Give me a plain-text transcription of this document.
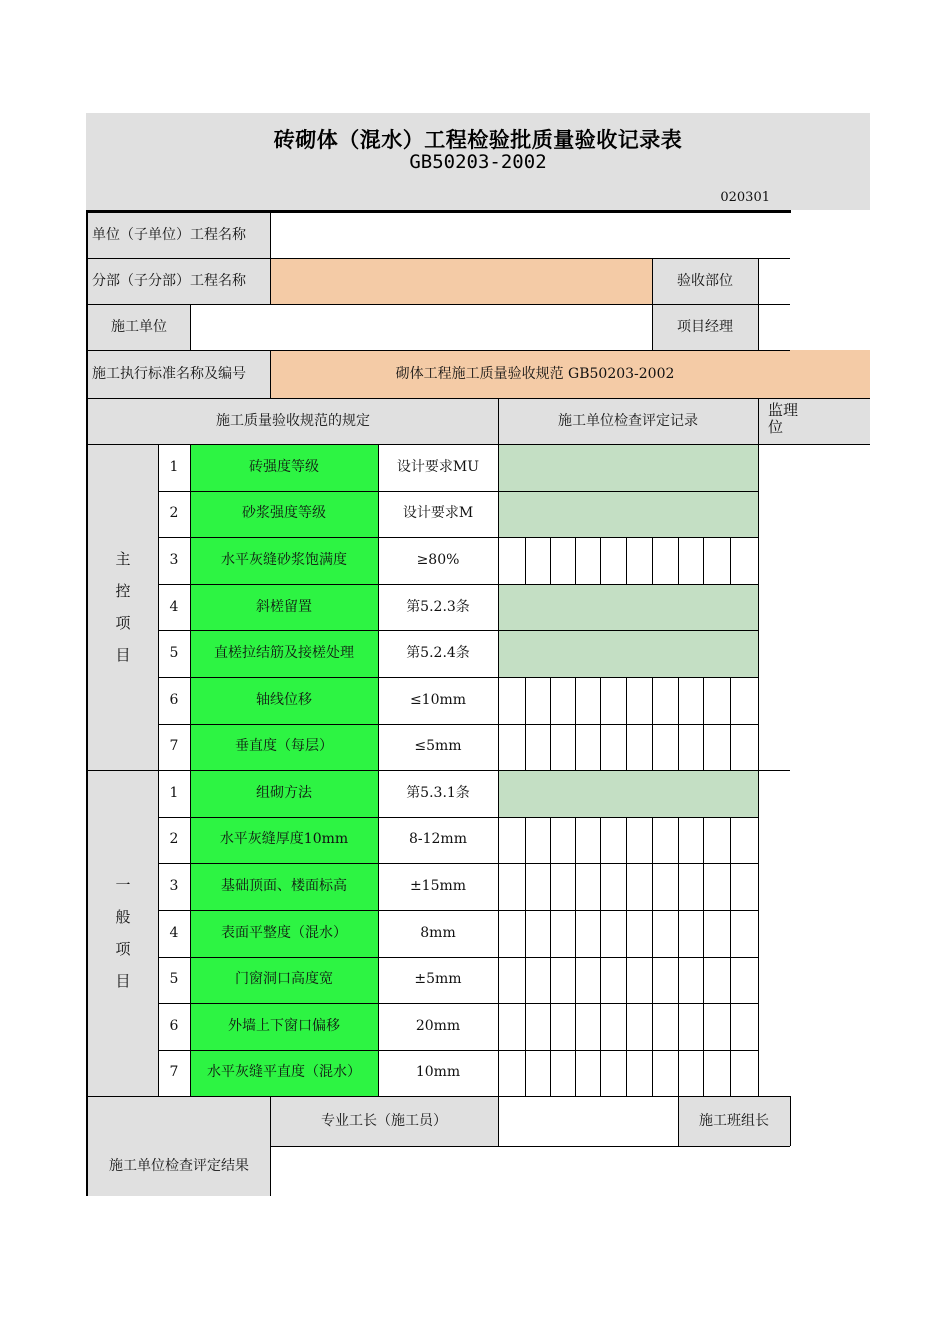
砖砌体（混水）工程检验批质量验收记录表
GB50203-2002
020301
单位（子单位）工程名称
分部（子分部）工程名称	验收部位
施工单位	项目经理
施工执行标准名称及编号	砌体工程施工质量验收规范 GB50203-2002
施工质量验收规范的规定	施工单位检查评定记录
监理
位
主
控
项
目
一
般
项
目
1	砖强度等级	设计要求MU
2	砂浆强度等级	设计要求M
3	水平灰缝砂浆饱满度	≥80%
4	斜槎留置	第5.2.3条
5	直槎拉结筋及接槎处理	第5.2.4条
6	轴线位移	≤10mm
7	垂直度（每层）	≤5mm
1	组砌方法	第5.3.1条
2	水平灰缝厚度10mm	8-12mm
3	基础顶面、楼面标高	±15mm
4	表面平整度（混水）	8mm
5	门窗洞口高度宽	±5mm
6	外墙上下窗口偏移	20mm
7	水平灰缝平直度（混水）	10mm
施工单位检查评定结果
专业工长（施工员）	施工班组长
